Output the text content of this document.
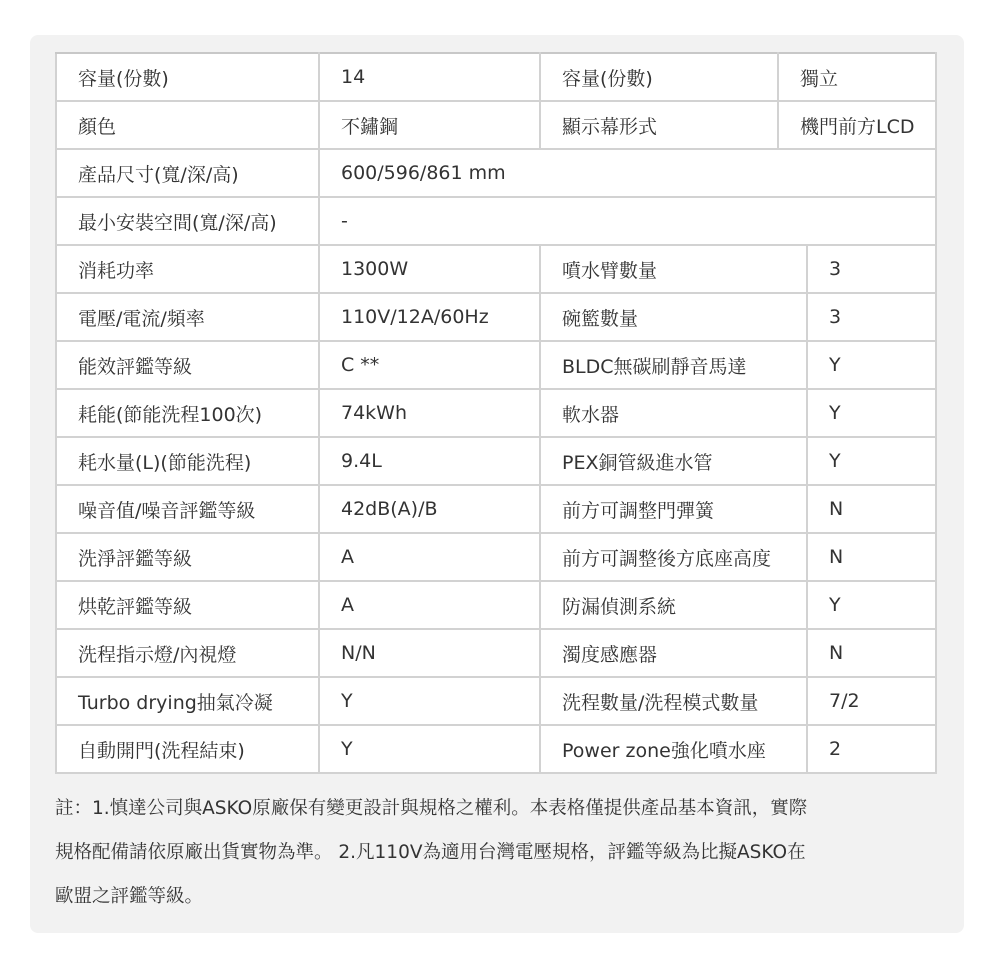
容量(份數)	14	容量(份數)	獨立	
顏色	不鏽鋼	顯示幕形式	機門前方LCD	
產品尺寸(寬/深/高)	600/596/861 mm			
最小安裝空間(寬/深/高)	-			
消耗功率	1300W	噴水臂數量		3
電壓/電流/頻率	110V/12A/60Hz	碗籃數量		3
能效評鑑等級	C **	BLDC無碳刷靜音馬達		Y
耗能(節能洗程100次)	74kWh	軟水器		Y
耗水量(L)(節能洗程)	9.4L	PEX銅管級進水管		Y
噪音值/噪音評鑑等級	42dB(A)/B	前方可調整門彈簧		N
洗淨評鑑等級	A	前方可調整後方底座高度		N
烘乾評鑑等級	A	防漏偵測系統		Y
洗程指示燈/內視燈	N/N	濁度感應器		N
Turbo drying抽氣冷凝	Y	洗程數量/洗程模式數量		7/2
自動開門(洗程結束)	Y	Power zone強化噴水座		2

註：1.慎達公司與ASKO原廠保有變更設計與規格之權利。本表格僅提供產品基本資訊，實際

規格配備請依原廠出貨實物為準。 2.凡110V為適用台灣電壓規格，評鑑等級為比擬ASKO在

歐盟之評鑑等級。
